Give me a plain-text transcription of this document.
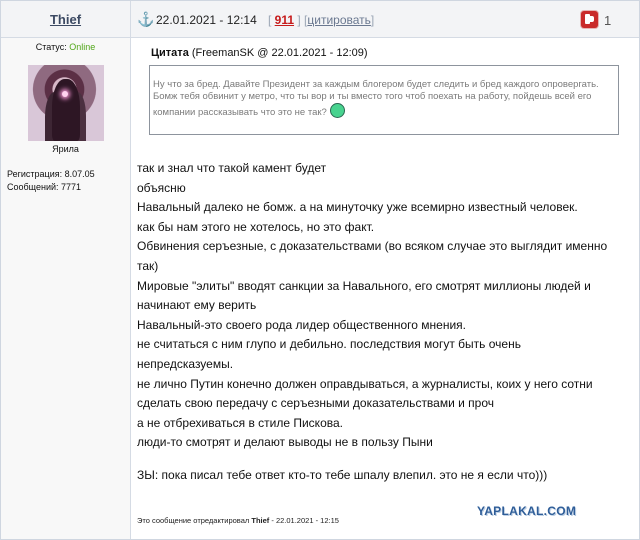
Thief	⚓ 22.01.2021 - 12:14 [ 911 ] [цитировать]	1
Статус: Online
Ярила
Регистрация: 8.07.05
Сообщений: 7771
Цитата (FreemanSK @ 22.01.2021 - 12:09)
Ну что за бред. Давайте Президент за каждым блогером будет следить и бред каждого опровергать. Бомж тебя обвинит у метро, что ты вор и ты вместо того чтоб поехать на работу, пойдешь всей его компании рассказывать что это не так?
так и знал что такой камент будет
объясню
Навальный далеко не бомж. а на минуточку уже всемирно известный человек.
как бы нам этого не хотелось, но это факт.
Обвинения серъезные, с доказательствами (во всяком случае это выглядит именно
так)
Мировые "элиты" вводят санкции за Навального, его смотрят миллионы людей и
начинают ему верить
Навальный-это своего рода лидер общественного мнения.
не считаться с ним глупо и дебильно. последствия могут быть очень
непредсказуемы.
не лично Путин конечно должен оправдываться, а журналисты, коих у него сотни
сделать свою передачу с серъезными доказательствами и проч
а не отбрехиваться в стиле Пискова.
люди-то смотрят и делают выводы не в пользу Пыни
ЗЫ: пока писал тебе ответ кто-то тебе шпалу влепил. это не я если что)))
YAPLAKAL.COM
Это сообщение отредактировал Thief - 22.01.2021 - 12:15
